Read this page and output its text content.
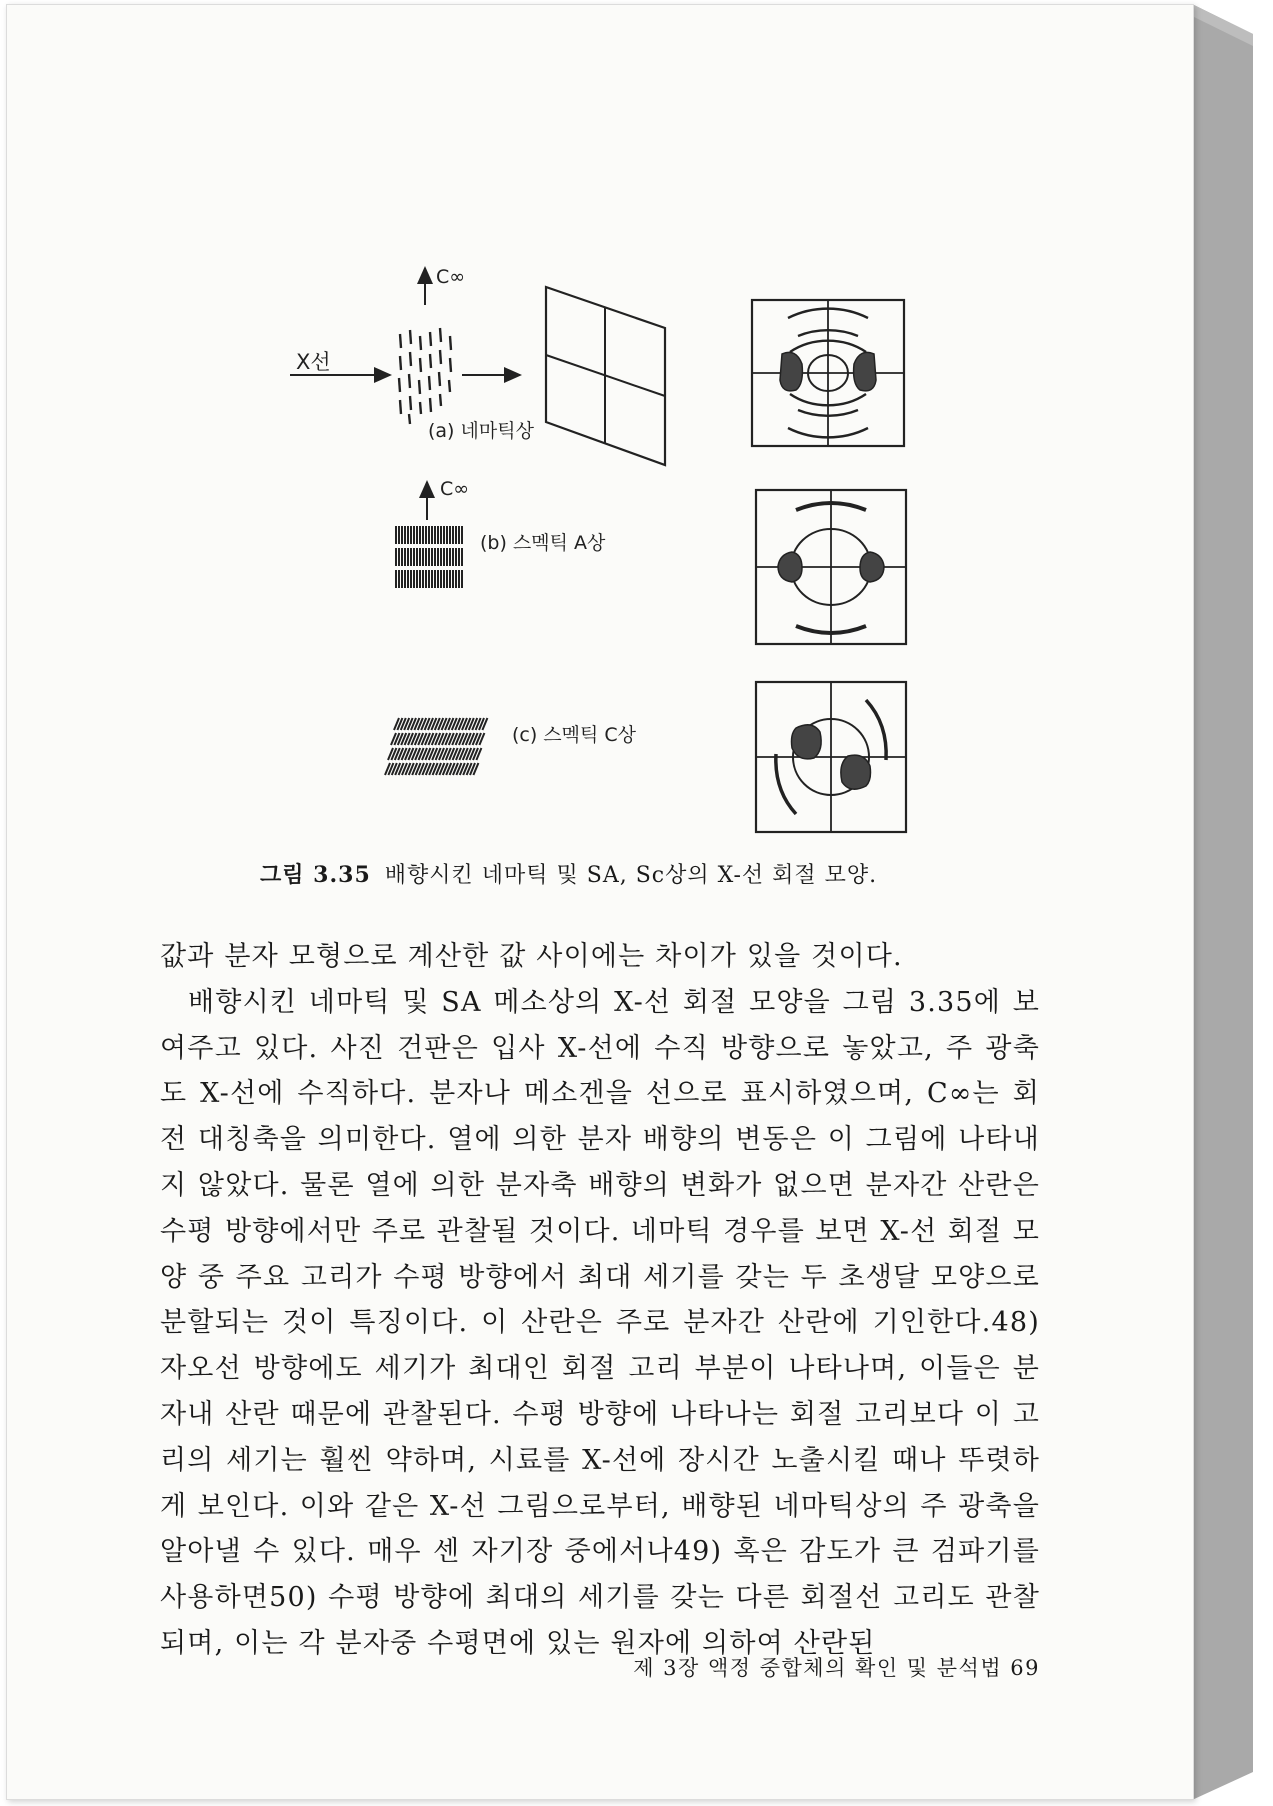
C∞
X선
(a) 네마틱상
C∞
(b) 스멕틱 A상
(c) 스멕틱 C상
그림 3.35 배향시킨 네마틱 및 SA, Sc상의 X-선 회절 모양.

값과 분자 모형으로 계산한 값 사이에는 차이가 있을 것이다.

배향시킨 네마틱 및 SA 메소상의 X-선 회절 모양을 그림 3.35에 보여주고 있다. 사진 건판은 입사 X-선에 수직 방향으로 놓았고, 주 광축도 X-선에 수직하다. 분자나 메소겐을 선으로 표시하였으며, C∞는 회전 대칭축을 의미한다. 열에 의한 분자 배향의 변동은 이 그림에 나타내지 않았다. 물론 열에 의한 분자축 배향의 변화가 없으면 분자간 산란은 수평 방향에서만 주로 관찰될 것이다. 네마틱 경우를 보면 X-선 회절 모양 중 주요 고리가 수평 방향에서 최대 세기를 갖는 두 초생달 모양으로 분할되는 것이 특징이다. 이 산란은 주로 분자간 산란에 기인한다.48) 자오선 방향에도 세기가 최대인 회절 고리 부분이 나타나며, 이들은 분자내 산란 때문에 관찰된다. 수평 방향에 나타나는 회절 고리보다 이 고리의 세기는 훨씬 약하며, 시료를 X-선에 장시간 노출시킬 때나 뚜렷하게 보인다. 이와 같은 X-선 그림으로부터, 배향된 네마틱상의 주 광축을 알아낼 수 있다. 매우 센 자기장 중에서나49) 혹은 감도가 큰 검파기를 사용하면50) 수평 방향에 최대의 세기를 갖는 다른 회절선 고리도 관찰되며, 이는 각 분자중 수평면에 있는 원자에 의하여 산란된

제 3장 액정 중합체의 확인 및 분석법 69
